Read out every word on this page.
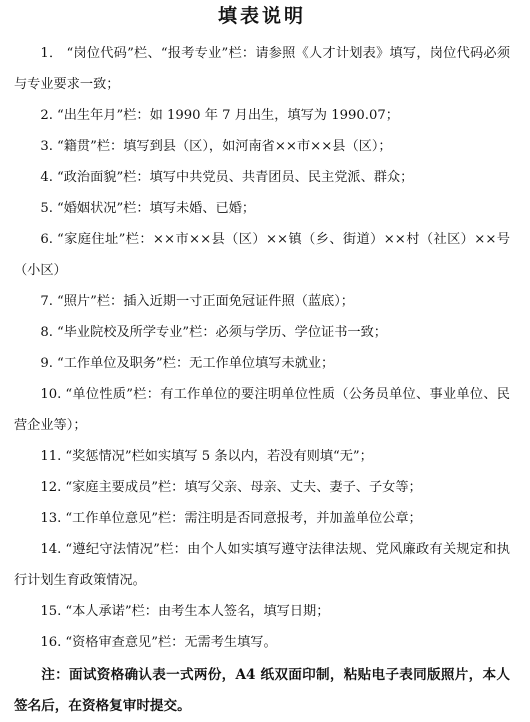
填表说明

1． “岗位代码”栏、“报考专业”栏：请参照《人才计划表》填写，岗位代码必须与专业要求一致；

2. “出生年月”栏：如 1990 年 7 月出生，填写为 1990.07；

3. “籍贯”栏：填写到县（区），如河南省××市××县（区）；

4. “政治面貌”栏：填写中共党员、共青团员、民主党派、群众；

5. “婚姻状况”栏：填写未婚、已婚；

6. “家庭住址”栏：××市××县（区）××镇（乡、街道）××村（社区）××号（小区）

7. “照片”栏：插入近期一寸正面免冠证件照（蓝底）；

8. “毕业院校及所学专业”栏：必须与学历、学位证书一致；

9. “工作单位及职务”栏：无工作单位填写未就业；

10. “单位性质”栏：有工作单位的要注明单位性质（公务员单位、事业单位、民营企业等）；

11. “奖惩情况”栏如实填写 5 条以内，若没有则填“无”；

12. “家庭主要成员”栏：填写父亲、母亲、丈夫、妻子、子女等；

13. “工作单位意见”栏：需注明是否同意报考，并加盖单位公章；

14. “遵纪守法情况”栏：由个人如实填写遵守法律法规、党风廉政有关规定和执行计划生育政策情况。

15. “本人承诺”栏：由考生本人签名，填写日期；

16. “资格审查意见”栏：无需考生填写。

注：面试资格确认表一式两份，A4 纸双面印制，粘贴电子表同版照片，本人签名后，在资格复审时提交。
